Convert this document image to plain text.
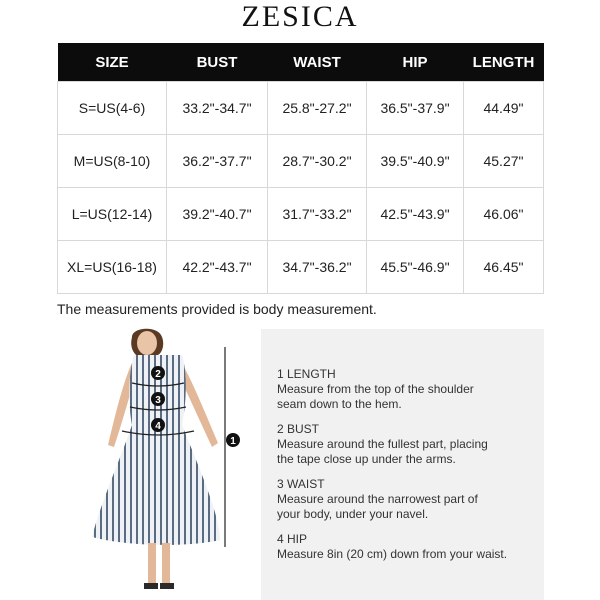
ZESICA
SIZE	BUST	WAIST	HIP	LENGTH
S=US(4-6)	33.2"-34.7"	25.8"-27.2"	36.5"-37.9"	44.49"
M=US(8-10)	36.2"-37.7"	28.7"-30.2"	39.5"-40.9"	45.27"
L=US(12-14)	39.2"-40.7"	31.7"-33.2"	42.5"-43.9"	46.06"
XL=US(16-18)	42.2"-43.7"	34.7"-36.2"	45.5"-46.9"	46.45"
The measurements provided is body measurement.
2
3
4
1
1 LENGTH
Measure from the top of the shoulder
seam down to the hem.
2 BUST
Measure around the fullest part, placing
the tape close up under the arms.
3 WAIST
Measure around the narrowest part of
your body, under your navel.
4 HIP
Measure 8in (20 cm) down from your waist.
